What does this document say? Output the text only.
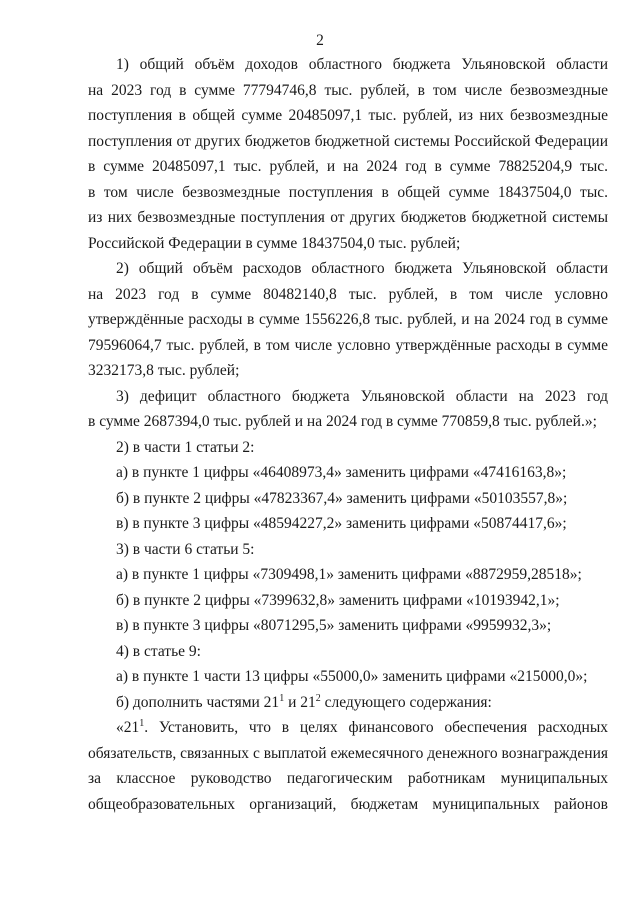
2
1) общий объём доходов областного бюджета Ульяновской области
на 2023 год в сумме 77794746,8 тыс. рублей, в том числе безвозмездные
поступления в общей сумме 20485097,1 тыс. рублей, из них безвозмездные
поступления от других бюджетов бюджетной системы Российской Федерации
в сумме 20485097,1 тыс. рублей, и на 2024 год в сумме 78825204,9 тыс.
в том числе безвозмездные поступления в общей сумме 18437504,0 тыс.
из них безвозмездные поступления от других бюджетов бюджетной системы
Российской Федерации в сумме 18437504,0 тыс. рублей;
2) общий объём расходов областного бюджета Ульяновской области
на 2023 год в сумме 80482140,8 тыс. рублей, в том числе условно
утверждённые расходы в сумме 1556226,8 тыс. рублей, и на 2024 год в сумме
79596064,7 тыс. рублей, в том числе условно утверждённые расходы в сумме
3232173,8 тыс. рублей;
3) дефицит областного бюджета Ульяновской области на 2023 год
в сумме 2687394,0 тыс. рублей и на 2024 год в сумме 770859,8 тыс. рублей.»;
2) в части 1 статьи 2:
а) в пункте 1 цифры «46408973,4» заменить цифрами «47416163,8»;
б) в пункте 2 цифры «47823367,4» заменить цифрами «50103557,8»;
в) в пункте 3 цифры «48594227,2» заменить цифрами «50874417,6»;
3) в части 6 статьи 5:
а) в пункте 1 цифры «7309498,1» заменить цифрами «8872959,28518»;
б) в пункте 2 цифры «7399632,8» заменить цифрами «10193942,1»;
в) в пункте 3 цифры «8071295,5» заменить цифрами «9959932,3»;
4) в статье 9:
а) в пункте 1 части 13 цифры «55000,0» заменить цифрами «215000,0»;
б) дополнить частями $21^1$ и $21^2$ следующего содержания:
«$21^1$. Установить, что в целях финансового обеспечения расходных
обязательств, связанных с выплатой ежемесячного денежного вознаграждения
за классное руководство педагогическим работникам муниципальных
общеобразовательных организаций, бюджетам муниципальных районов
